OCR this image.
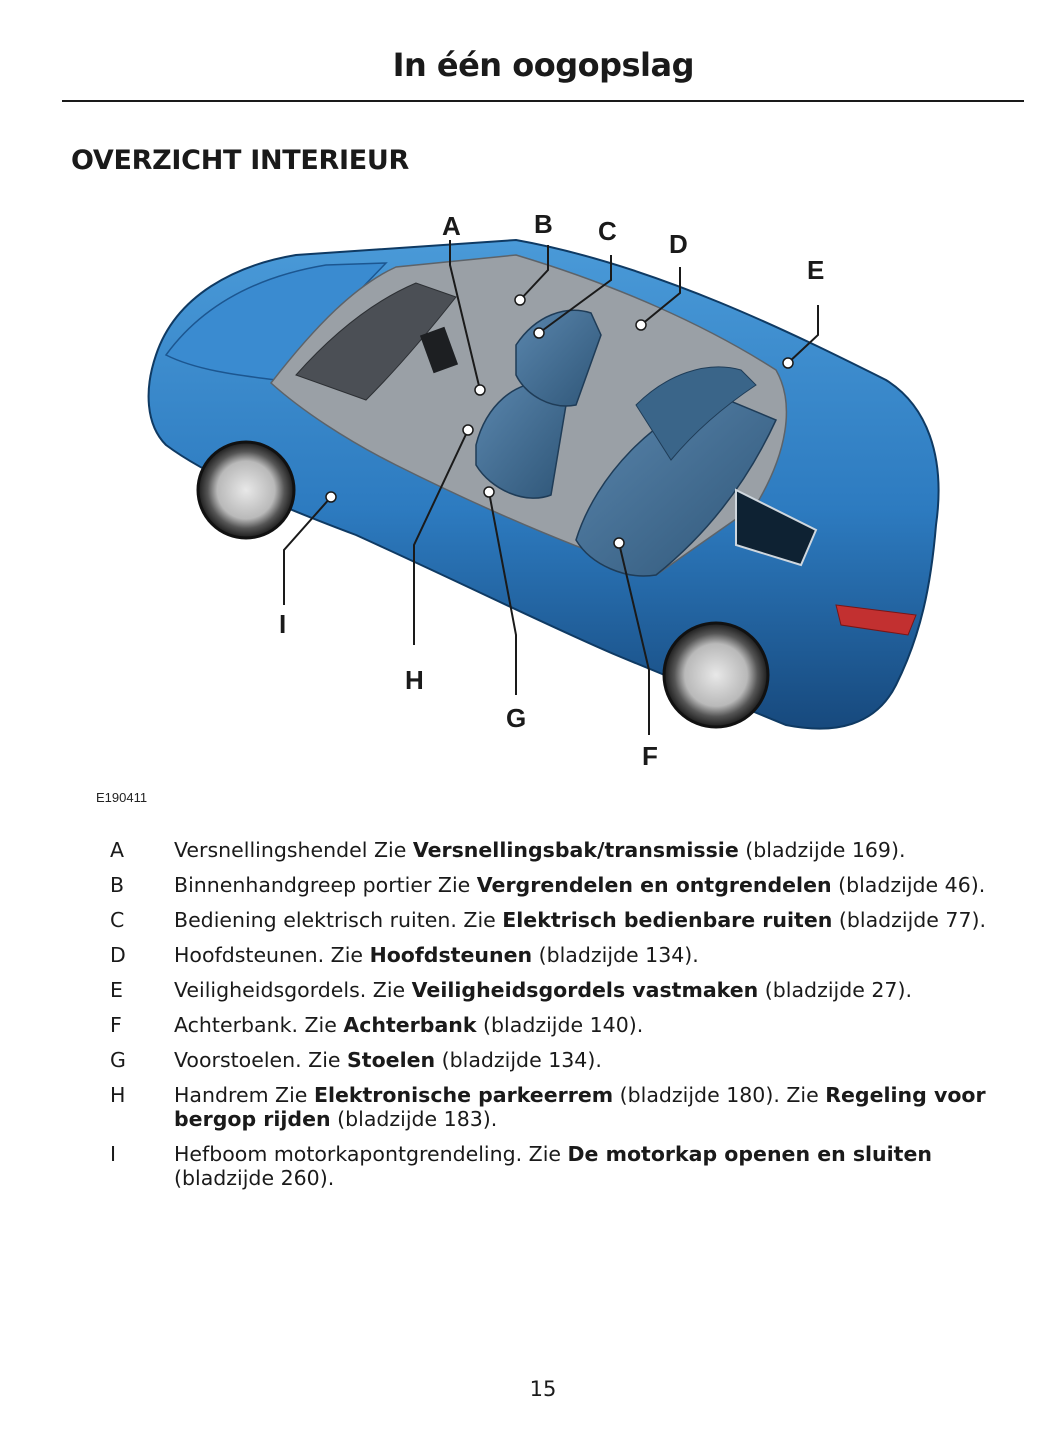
In één oogopslag
OVERZICHT INTERIEUR
A	B C D
E
F
G
H
I
E190411
A	Versnellingshendel Zie Versnellingsbak/transmissie (bladzijde 169).
B	Binnenhandgreep portier Zie Vergrendelen en ontgrendelen (bladzijde 46).
C	Bediening elektrisch ruiten. Zie Elektrisch bedienbare ruiten (bladzijde 77).
D	Hoofdsteunen. Zie Hoofdsteunen (bladzijde 134).
E	Veiligheidsgordels. Zie Veiligheidsgordels vastmaken (bladzijde 27).
F	Achterbank. Zie Achterbank (bladzijde 140).
G	Voorstoelen. Zie Stoelen (bladzijde 134).
H	Handrem Zie Elektronische parkeerrem (bladzijde 180). Zie Regeling voor bergop rijden (bladzijde 183).
I	Hefboom motorkapontgrendeling. Zie De motorkap openen en sluiten (bladzijde 260).
15
